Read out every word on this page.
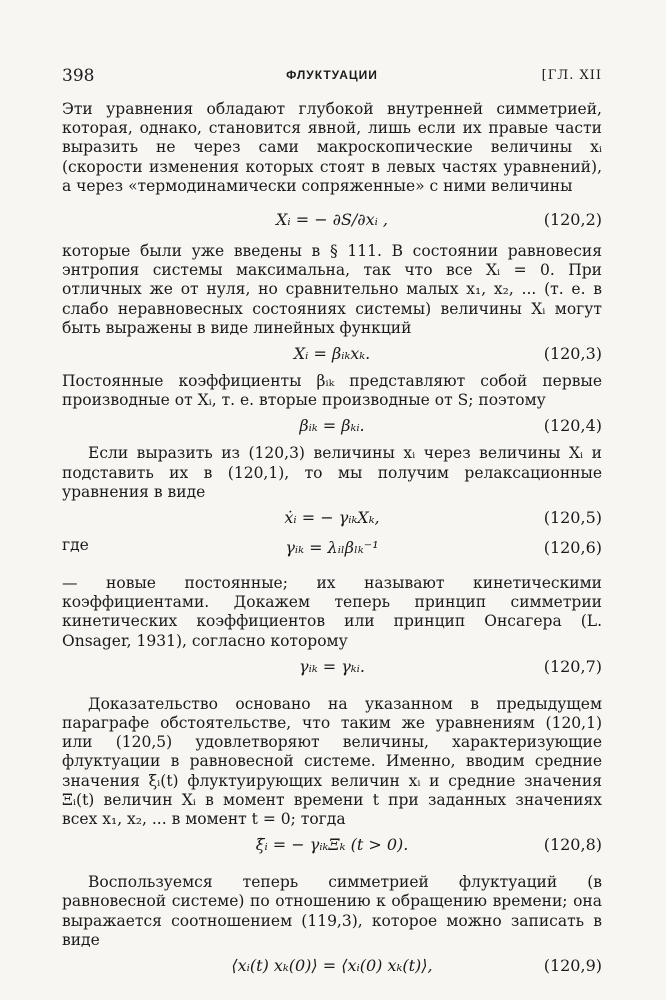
398	ФЛУКТУАЦИИ	[ГЛ. XII

Эти уравнения обладают глубокой внутренней симметрией, которая, однако, становится явной, лишь если их правые части выразить не через сами макроскопические величины xᵢ (скорости изменения которых стоят в левых частях уравнений), а через «термодинамически сопряженные» с ними величины

Xᵢ = − ∂S/∂xᵢ ,	(120,2)

которые были уже введены в § 111. В состоянии равновесия энтропия системы максимальна, так что все Xᵢ = 0. При отличных же от нуля, но сравнительно малых x₁, x₂, ... (т. е. в слабо неравновесных состояниях системы) величины Xᵢ могут быть выражены в виде линейных функций

Xᵢ = βᵢₖxₖ.	(120,3)

Постоянные коэффициенты βᵢₖ представляют собой первые производные от Xᵢ, т. е. вторые производные от S; поэтому

βᵢₖ = βₖᵢ.	(120,4)

Если выразить из (120,3) величины xᵢ через величины Xᵢ и подставить их в (120,1), то мы получим релаксационные уравнения в виде

ẋᵢ = − γᵢₖXₖ,	(120,5)
где	γᵢₖ = λᵢₗβₗₖ⁻¹	(120,6)

— новые постоянные; их называют кинетическими коэффициентами. Докажем теперь принцип симметрии кинетических коэффициентов или принцип Онсагера (L. Onsager, 1931), согласно которому

γᵢₖ = γₖᵢ.	(120,7)

Доказательство основано на указанном в предыдущем параграфе обстоятельстве, что таким же уравнениям (120,1) или (120,5) удовлетворяют величины, характеризующие флуктуации в равновесной системе. Именно, вводим средние значения ξᵢ(t) флуктуирующих величин xᵢ и средние значения Ξᵢ(t) величин Xᵢ в момент времени t при заданных значениях всех x₁, x₂, ... в момент t = 0; тогда

ξ̇ᵢ = − γᵢₖΞₖ (t > 0).	(120,8)

Воспользуемся теперь симметрией флуктуаций (в равновесной системе) по отношению к обращению времени; она выражается соотношением (119,3), которое можно записать в виде

⟨xᵢ(t) xₖ(0)⟩ = ⟨xᵢ(0) xₖ(t)⟩,	(120,9)
